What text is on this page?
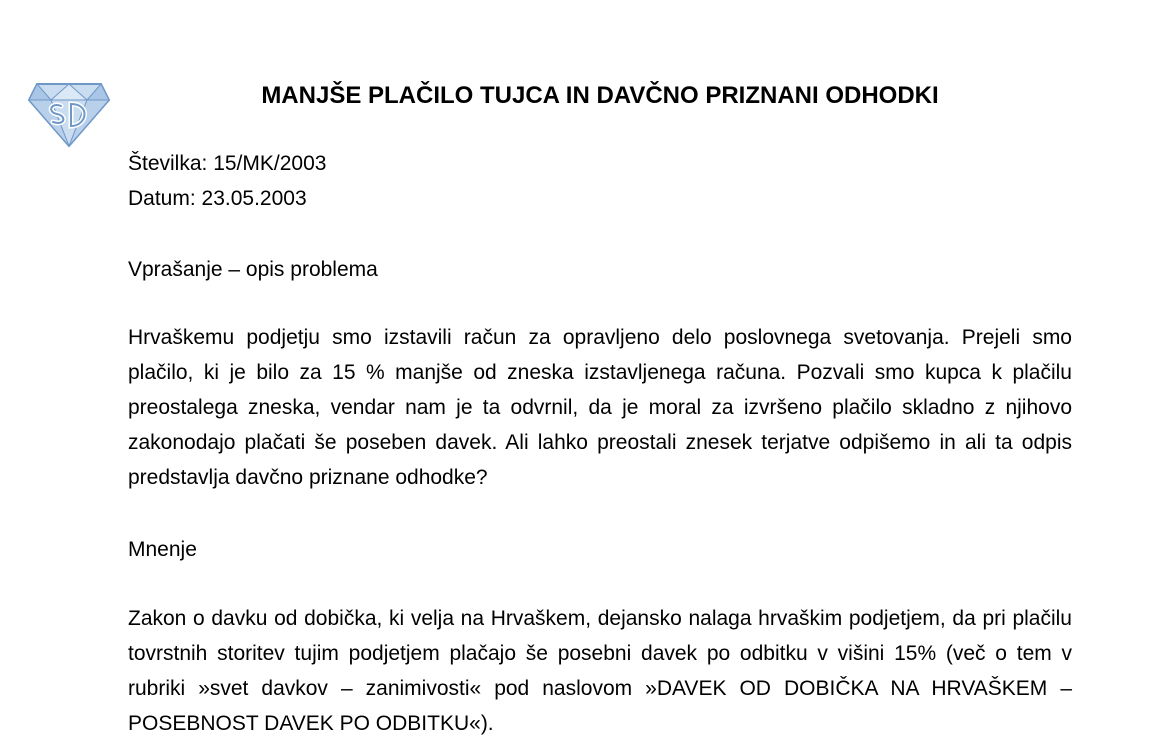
MANJŠE PLAČILO TUJCA IN DAVČNO PRIZNANI ODHODKI
Številka: 15/MK/2003
Datum: 23.05.2003
Vprašanje – opis problema
Hrvaškemu podjetju smo izstavili račun za opravljeno delo poslovnega svetovanja. Prejeli smo plačilo, ki je bilo za 15 % manjše od zneska izstavljenega računa. Pozvali smo kupca k plačilu preostalega zneska, vendar nam je ta odvrnil, da je moral za izvršeno plačilo skladno z njihovo zakonodajo plačati še poseben davek. Ali lahko preostali znesek terjatve odpišemo in ali ta odpis predstavlja davčno priznane odhodke?
Mnenje
Zakon o davku od dobička, ki velja na Hrvaškem, dejansko nalaga hrvaškim podjetjem, da pri plačilu tovrstnih storitev tujim podjetjem plačajo še posebni davek po odbitku v višini 15% (več o tem v rubriki »svet davkov – zanimivosti« pod naslovom »DAVEK OD DOBIČKA NA HRVAŠKEM – POSEBNOST DAVEK PO ODBITKU«).
